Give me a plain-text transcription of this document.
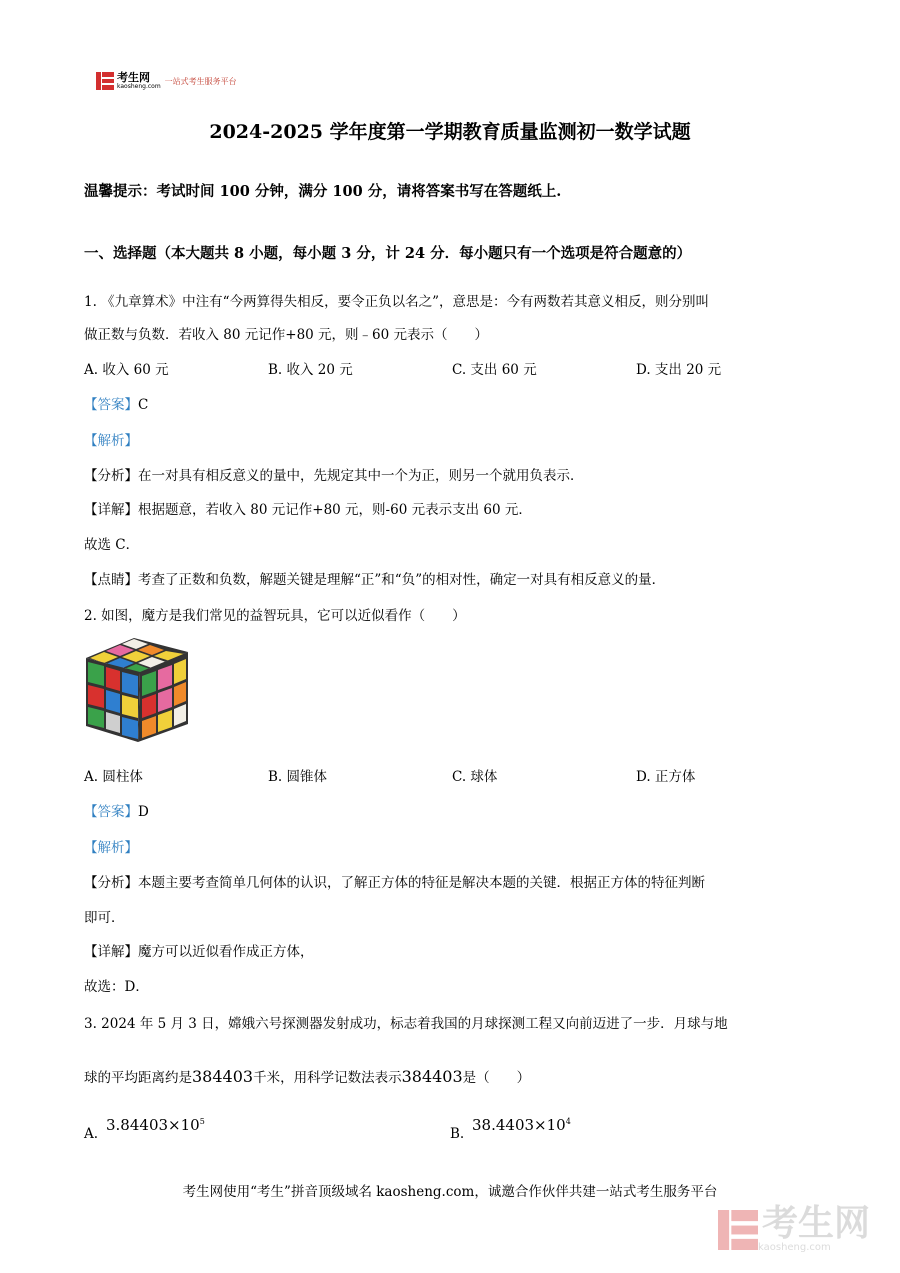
考生网
kaosheng.com
一站式考生服务平台
2024-2025 学年度第一学期教育质量监测初一数学试题
温馨提示：考试时间 100 分钟，满分 100 分，请将答案书写在答题纸上.
一、选择题（本大题共 8 小题，每小题 3 分，计 24 分．每小题只有一个选项是符合题意的）
1. 《九章算术》中注有“今两算得失相反，要令正负以名之”，意思是：今有两数若其意义相反，则分别叫
做正数与负数．若收入 80 元记作+80 元，则﹣60 元表示（　　）
A. 收入 60 元	B. 收入 20 元	C. 支出 60 元	D. 支出 20 元
【答案】C
【解析】
【分析】在一对具有相反意义的量中，先规定其中一个为正，则另一个就用负表示．
【详解】根据题意，若收入 80 元记作+80 元，则-60 元表示支出 60 元．
故选 C．
【点睛】考查了正数和负数，解题关键是理解“正”和“负”的相对性，确定一对具有相反意义的量．
2. 如图，魔方是我们常见的益智玩具，它可以近似看作（　　）
A. 圆柱体	B. 圆锥体	C. 球体	D. 正方体
【答案】D
【解析】
【分析】本题主要考查简单几何体的认识，了解正方体的特征是解决本题的关键．根据正方体的特征判断
即可．
【详解】魔方可以近似看作成正方体，
故选：D．
3. 2024 年 5 月 3 日，嫦娥六号探测器发射成功，标志着我国的月球探测工程又向前迈进了一步．月球与地
球的平均距离约是384403千米，用科学记数法表示384403是（　　）
A. $3.84403\times 10^5$
B. $38.4403\times 10^4$
考生网使用“考生”拼音顶级域名 kaosheng.com，诚邀合作伙伴共建一站式考生服务平台
考生网
kaosheng.com
